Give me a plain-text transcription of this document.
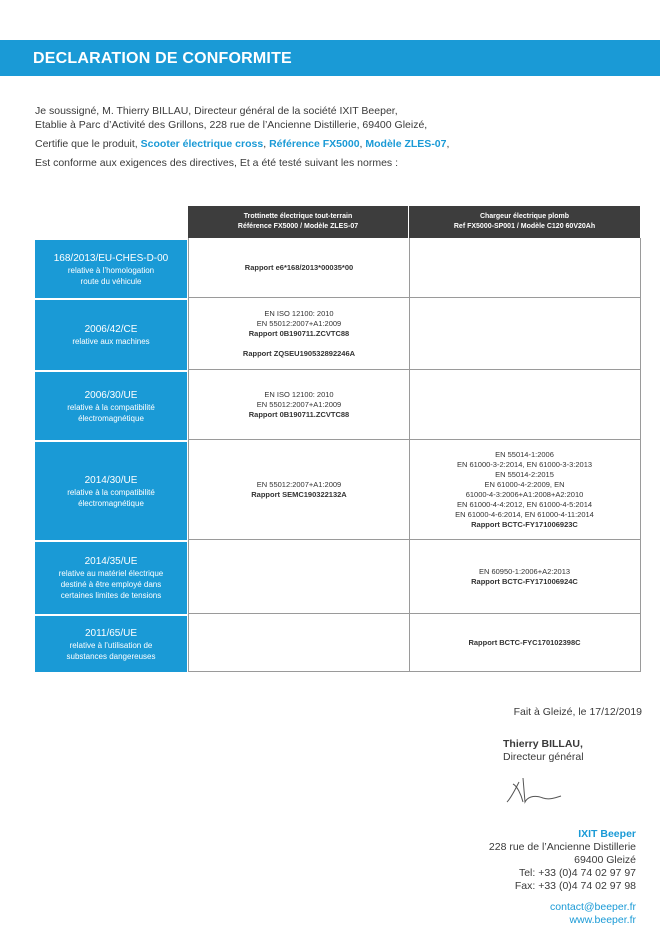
DECLARATION DE CONFORMITE

Je soussigné, M. Thierry BILLAU, Directeur général de la société IXIT Beeper,

Etablie à Parc d’Activité des Grillons, 228 rue de l’Ancienne Distillerie, 69400 Gleizé,

Certifie que le produit, Scooter électrique cross, Référence FX5000, Modèle ZLES-07,

Est conforme aux exigences des directives, Et a été testé suivant les normes :

Trottinette électrique tout-terrain
Référence FX5000 / Modèle ZLES-07
Chargeur électrique plomb
Ref FX5000-SP001 / Modèle C120 60V20Ah
168/2013/EU-CHES-D-00
relative à l’homologation
route du véhicule
Rapport e6*168/2013*00035*00
2006/42/CE
relative aux machines
EN ISO 12100: 2010
EN 55012:2007+A1:2009
Rapport 0B190711.ZCVTC88
Rapport ZQSEU190532892246A
2006/30/UE
relative à la compatibilité
électromagnétique
EN ISO 12100: 2010
EN 55012:2007+A1:2009
Rapport 0B190711.ZCVTC88
2014/30/UE
relative à la compatibilité
électromagnétique
EN 55012:2007+A1:2009
Rapport SEMC190322132A
EN 55014-1:2006
EN 61000-3-2:2014, EN 61000-3-3:2013
EN 55014-2:2015
EN 61000-4-2:2009, EN
61000-4-3:2006+A1:2008+A2:2010
EN 61000-4-4:2012, EN 61000-4-5:2014
EN 61000-4-6:2014, EN 61000-4-11:2014
Rapport BCTC-FY171006923C
2014/35/UE
relative au matériel électrique
destiné à être employé dans
certaines limites de tensions
EN 60950-1:2006+A2:2013
Rapport BCTC-FY171006924C
2011/65/UE
relative à l’utilisation de
substances dangereuses
Rapport BCTC-FYC170102398C
Fait à Gleizé, le 17/12/2019
Thierry BILLAU,
Directeur général
IXIT Beeper
228 rue de l’Ancienne Distillerie
69400 Gleizé
Tel: +33 (0)4 74 02 97 97
Fax: +33 (0)4 74 02 97 98
contact@beeper.fr
www.beeper.fr
